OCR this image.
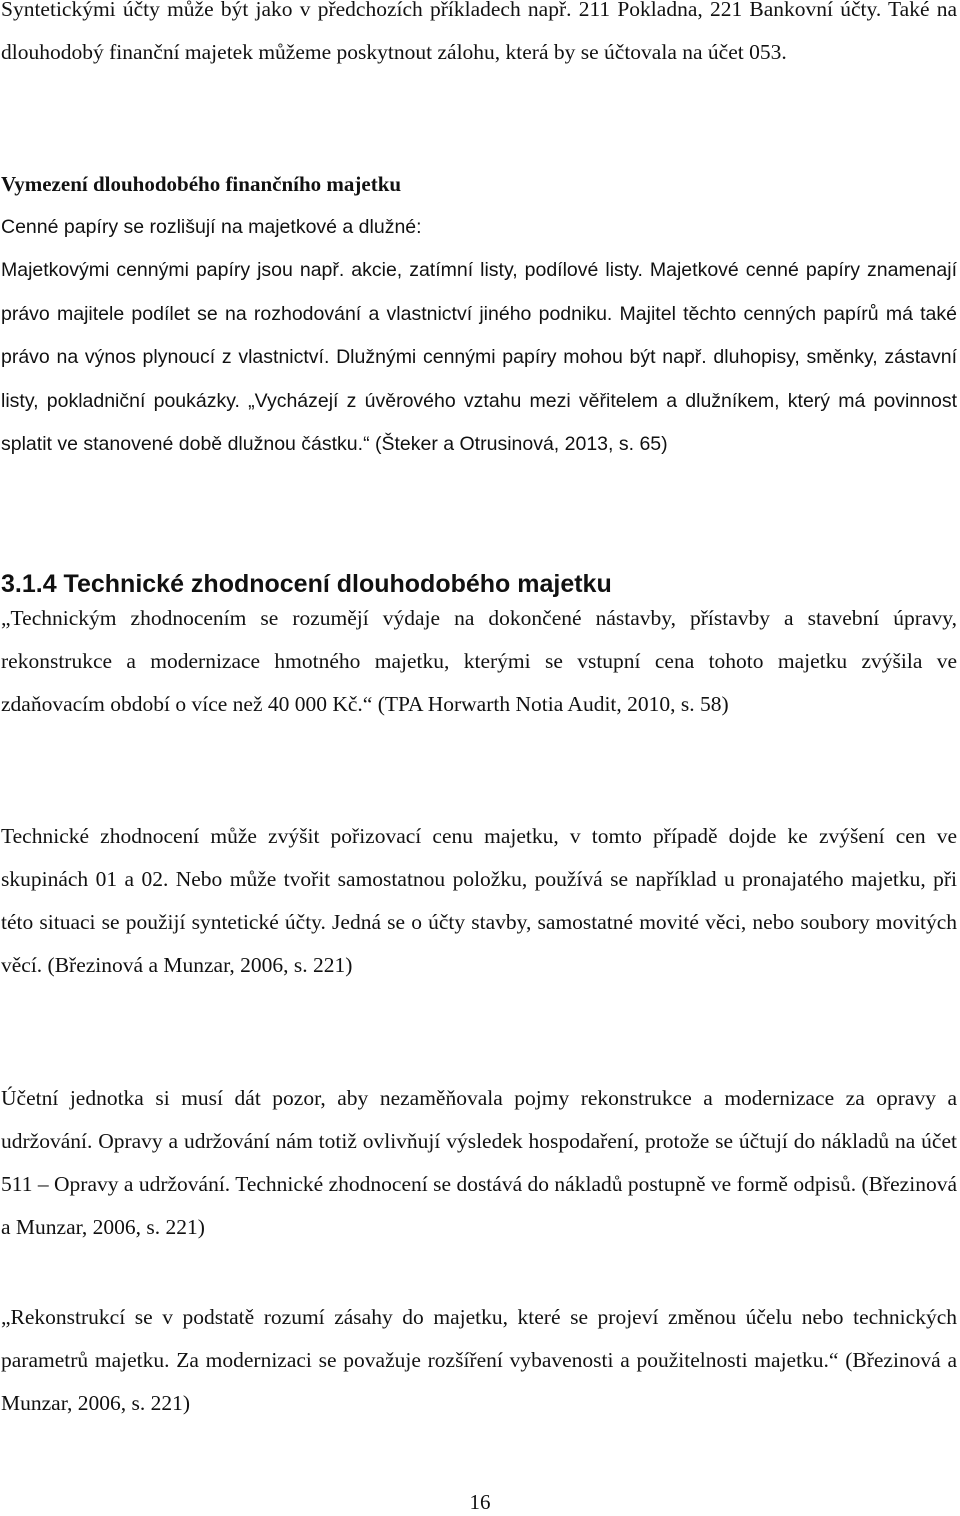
Syntetickými účty může být jako v předchozích příkladech např. 211 Pokladna, 221 Bankovní účty. Také na dlouhodobý finanční majetek můžeme poskytnout zálohu, která by se účtovala na účet 053.

Vymezení dlouhodobého finančního majetku

Cenné papíry se rozlišují na majetkové a dlužné:

Majetkovými cennými papíry jsou např. akcie, zatímní listy, podílové listy. Majetkové cenné papíry znamenají právo majitele podílet se na rozhodování a vlastnictví jiného podniku. Majitel těchto cenných papírů má také právo na výnos plynoucí z vlastnictví. Dlužnými cennými papíry mohou být např. dluhopisy, směnky, zástavní listy, pokladniční poukázky. „Vycházejí z úvěrového vztahu mezi věřitelem a dlužníkem, který má povinnost splatit ve stanovené době dlužnou částku.“ (Šteker a Otrusinová, 2013, s. 65)

3.1.4 Technické zhodnocení dlouhodobého majetku

„Technickým zhodnocením se rozumějí výdaje na dokončené nástavby, přístavby a stavební úpravy, rekonstrukce a modernizace hmotného majetku, kterými se vstupní cena tohoto majetku zvýšila ve zdaňovacím období o více než 40 000 Kč.“ (TPA Horwarth Notia Audit, 2010, s. 58)

Technické zhodnocení může zvýšit pořizovací cenu majetku, v tomto případě dojde ke zvýšení cen ve skupinách 01 a 02. Nebo může tvořit samostatnou položku, používá se například u pronajatého majetku, při této situaci se použijí syntetické účty. Jedná se o účty stavby, samostatné movité věci, nebo soubory movitých věcí. (Březinová a Munzar, 2006, s. 221)

Účetní jednotka si musí dát pozor, aby nezaměňovala pojmy rekonstrukce a modernizace za opravy a udržování. Opravy a udržování nám totiž ovlivňují výsledek hospodaření, protože se účtují do nákladů na účet 511 – Opravy a udržování. Technické zhodnocení se dostává do nákladů postupně ve formě odpisů. (Březinová a Munzar, 2006, s. 221)

„Rekonstrukcí se v podstatě rozumí zásahy do majetku, které se projeví změnou účelu nebo technických parametrů majetku. Za modernizaci se považuje rozšíření vybavenosti a použitelnosti majetku.“ (Březinová a Munzar, 2006, s. 221)

16
